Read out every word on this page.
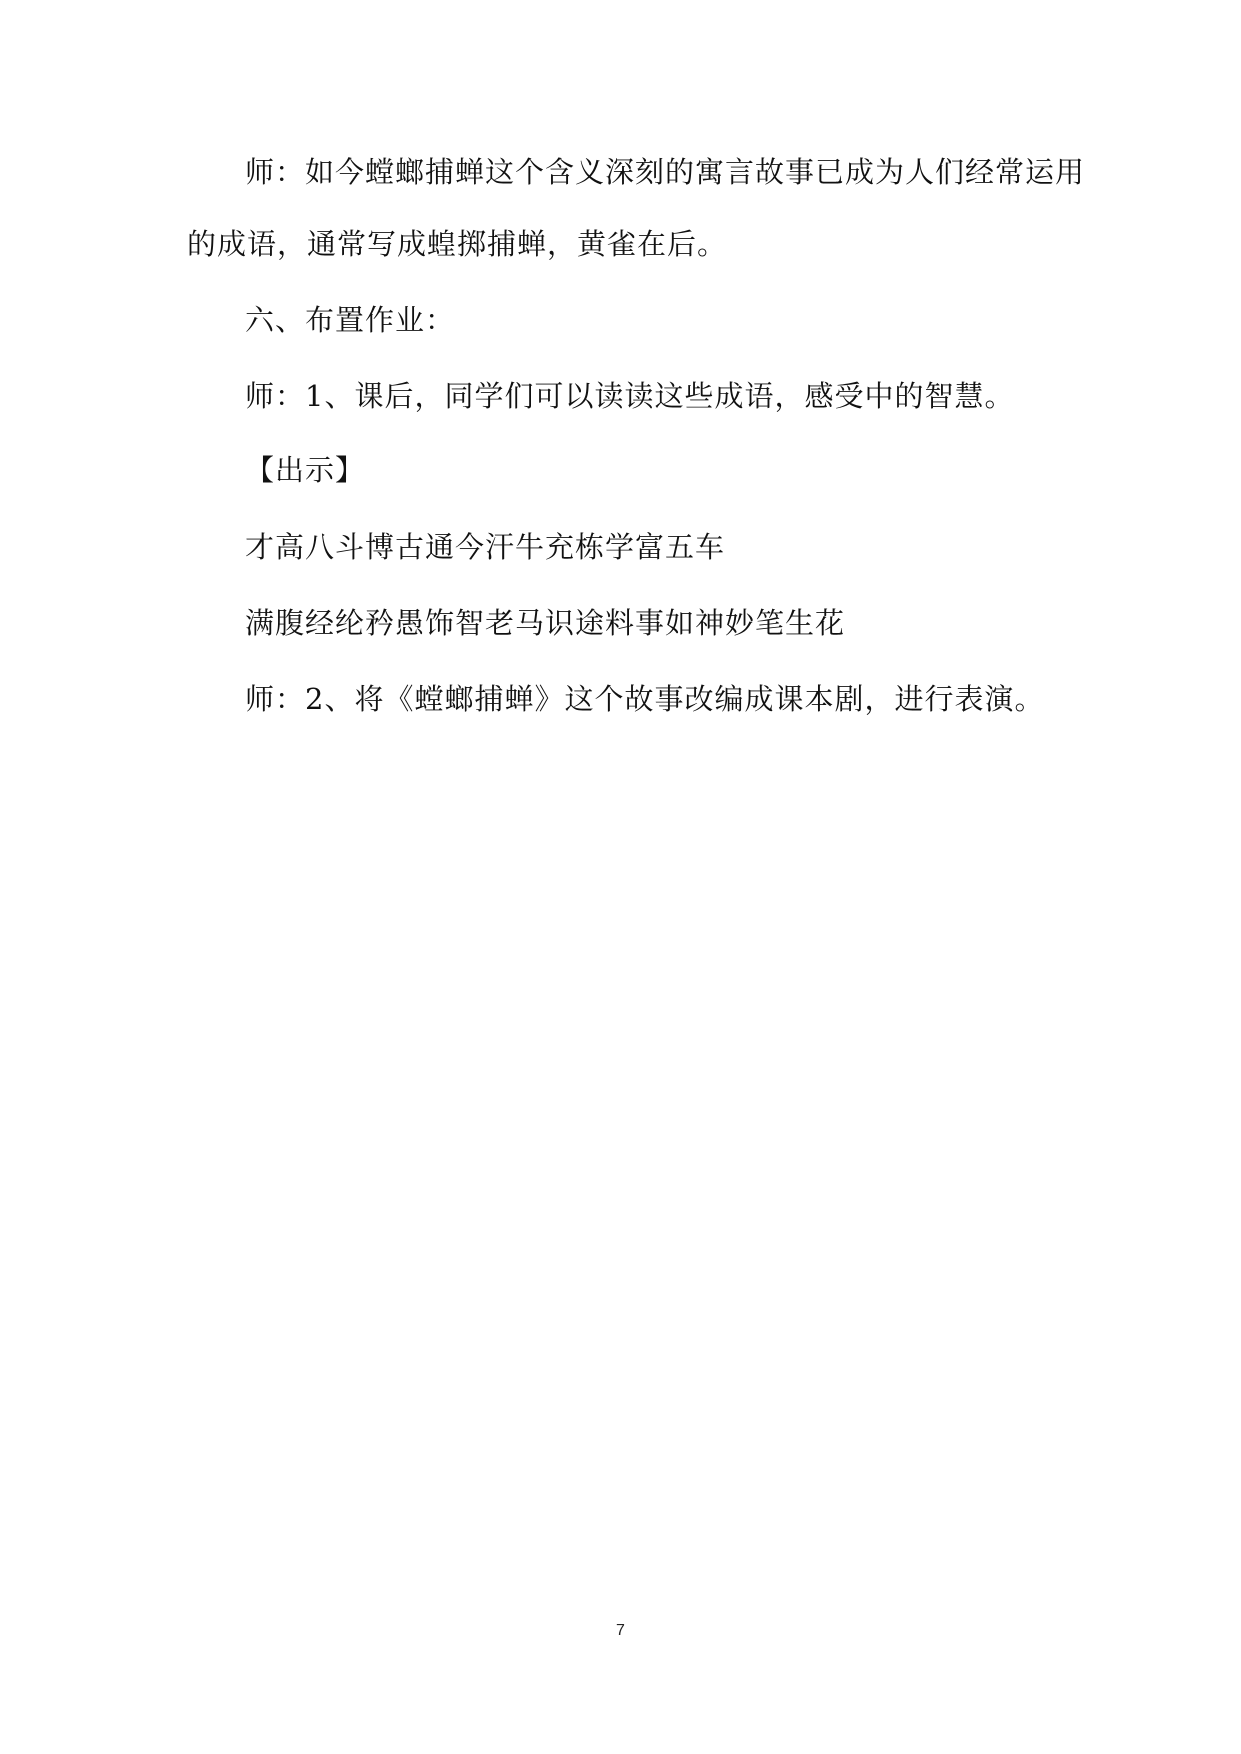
师：如今螳螂捕蝉这个含义深刻的寓言故事已成为人们经常运用
的成语，通常写成蝗掷捕蝉，黄雀在后。
六、布置作业：
师：1、课后，同学们可以读读这些成语，感受中的智慧。
【出示】
才高八斗博古通今汗牛充栋学富五车
满腹经纶矜愚饰智老马识途料事如神妙笔生花
师：2、将《螳螂捕蝉》这个故事改编成课本剧，进行表演。
7
